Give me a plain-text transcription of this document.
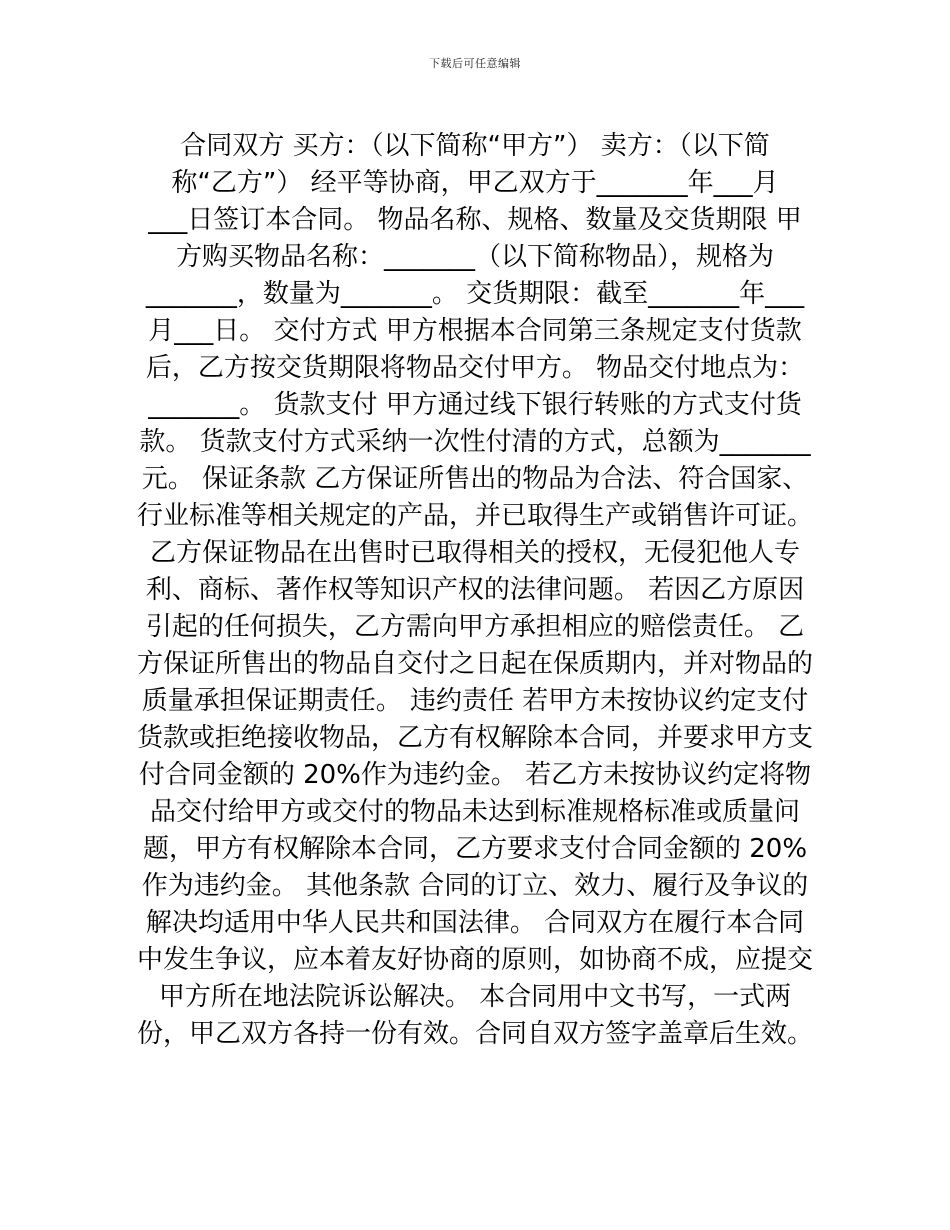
下载后可任意编辑
合同双方 买方：（以下简称“甲方”） 卖方：（以下简
称“乙方”） 经平等协商，甲乙双方于_______年___月
___日签订本合同。 物品名称、规格、数量及交货期限 甲
方购买物品名称：_______（以下简称物品），规格为
_______，数量为_______。 交货期限：截至_______年___
月___日。 交付方式 甲方根据本合同第三条规定支付货款
后，乙方按交货期限将物品交付甲方。 物品交付地点为：
_______。 货款支付 甲方通过线下银行转账的方式支付货
款。 货款支付方式采纳一次性付清的方式，总额为_______
元。 保证条款 乙方保证所售出的物品为合法、符合国家、
行业标准等相关规定的产品，并已取得生产或销售许可证。
乙方保证物品在出售时已取得相关的授权，无侵犯他人专
利、商标、著作权等知识产权的法律问题。 若因乙方原因
引起的任何损失，乙方需向甲方承担相应的赔偿责任。 乙
方保证所售出的物品自交付之日起在保质期内，并对物品的
质量承担保证期责任。 违约责任 若甲方未按协议约定支付
货款或拒绝接收物品，乙方有权解除本合同，并要求甲方支
付合同金额的 20%作为违约金。 若乙方未按协议约定将物
品交付给甲方或交付的物品未达到标准规格标准或质量问
题，甲方有权解除本合同，乙方要求支付合同金额的 20%
作为违约金。 其他条款 合同的订立、效力、履行及争议的
解决均适用中华人民共和国法律。 合同双方在履行本合同
中发生争议，应本着友好协商的原则，如协商不成，应提交
甲方所在地法院诉讼解决。 本合同用中文书写，一式两
份，甲乙双方各持一份有效。合同自双方签字盖章后生效。
